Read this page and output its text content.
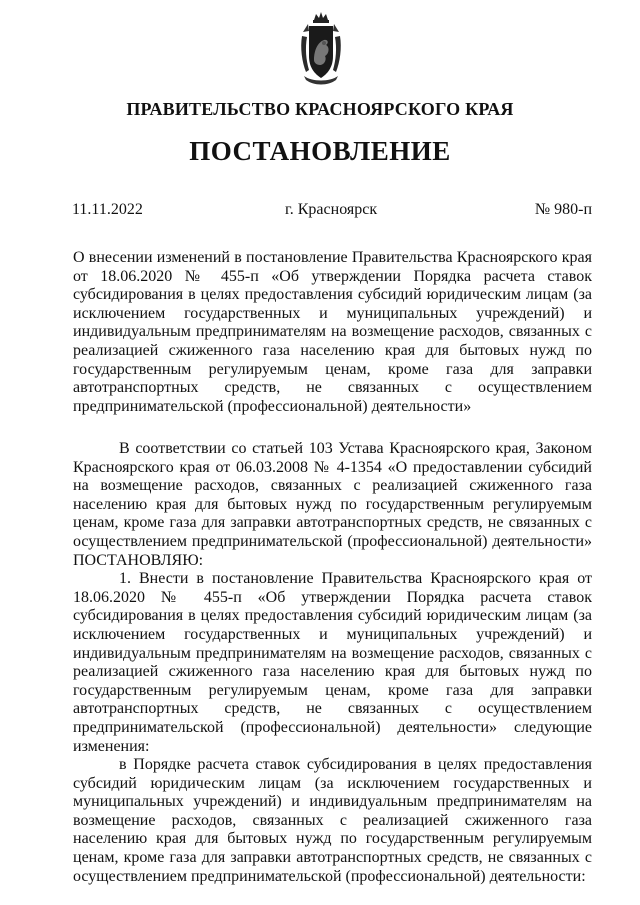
ПРАВИТЕЛЬСТВО КРАСНОЯРСКОГО КРАЯ
ПОСТАНОВЛЕНИЕ
11.11.2022	г. Красноярск	№ 980-п
О внесении изменений в постановление Правительства Красноярского края от 18.06.2020 № 455-п «Об утверждении Порядка расчета ставок субсидирования в целях предоставления субсидий юридическим лицам (за исключением государственных и муниципальных учреждений) и индивидуальным предпринимателям на возмещение расходов, связанных с реализацией сжиженного газа населению края для бытовых нужд по государственным регулируемым ценам, кроме газа для заправки автотранспортных средств, не связанных с осуществлением предпринимательской (профессиональной) деятельности»

В соответствии со статьей 103 Устава Красноярского края, Законом Красноярского края от 06.03.2008 № 4-1354 «О предоставлении субсидий на возмещение расходов, связанных с реализацией сжиженного газа населению края для бытовых нужд по государственным регулируемым ценам, кроме газа для заправки автотранспортных средств, не связанных с осуществлением предпринимательской (профессиональной) деятельности» ПОСТАНОВЛЯЮ:

1. Внести в постановление Правительства Красноярского края от 18.06.2020 № 455-п «Об утверждении Порядка расчета ставок субсидирования в целях предоставления субсидий юридическим лицам (за исключением государственных и муниципальных учреждений) и индивидуальным предпринимателям на возмещение расходов, связанных с реализацией сжиженного газа населению края для бытовых нужд по государственным регулируемым ценам, кроме газа для заправки автотранспортных средств, не связанных с осуществлением предпринимательской (профессиональной) деятельности» следующие изменения:

в Порядке расчета ставок субсидирования в целях предоставления субсидий юридическим лицам (за исключением государственных и муниципальных учреждений) и индивидуальным предпринимателям на возмещение расходов, связанных с реализацией сжиженного газа населению края для бытовых нужд по государственным регулируемым ценам, кроме газа для заправки автотранспортных средств, не связанных с осуществлением предпринимательской (профессиональной) деятельности:
